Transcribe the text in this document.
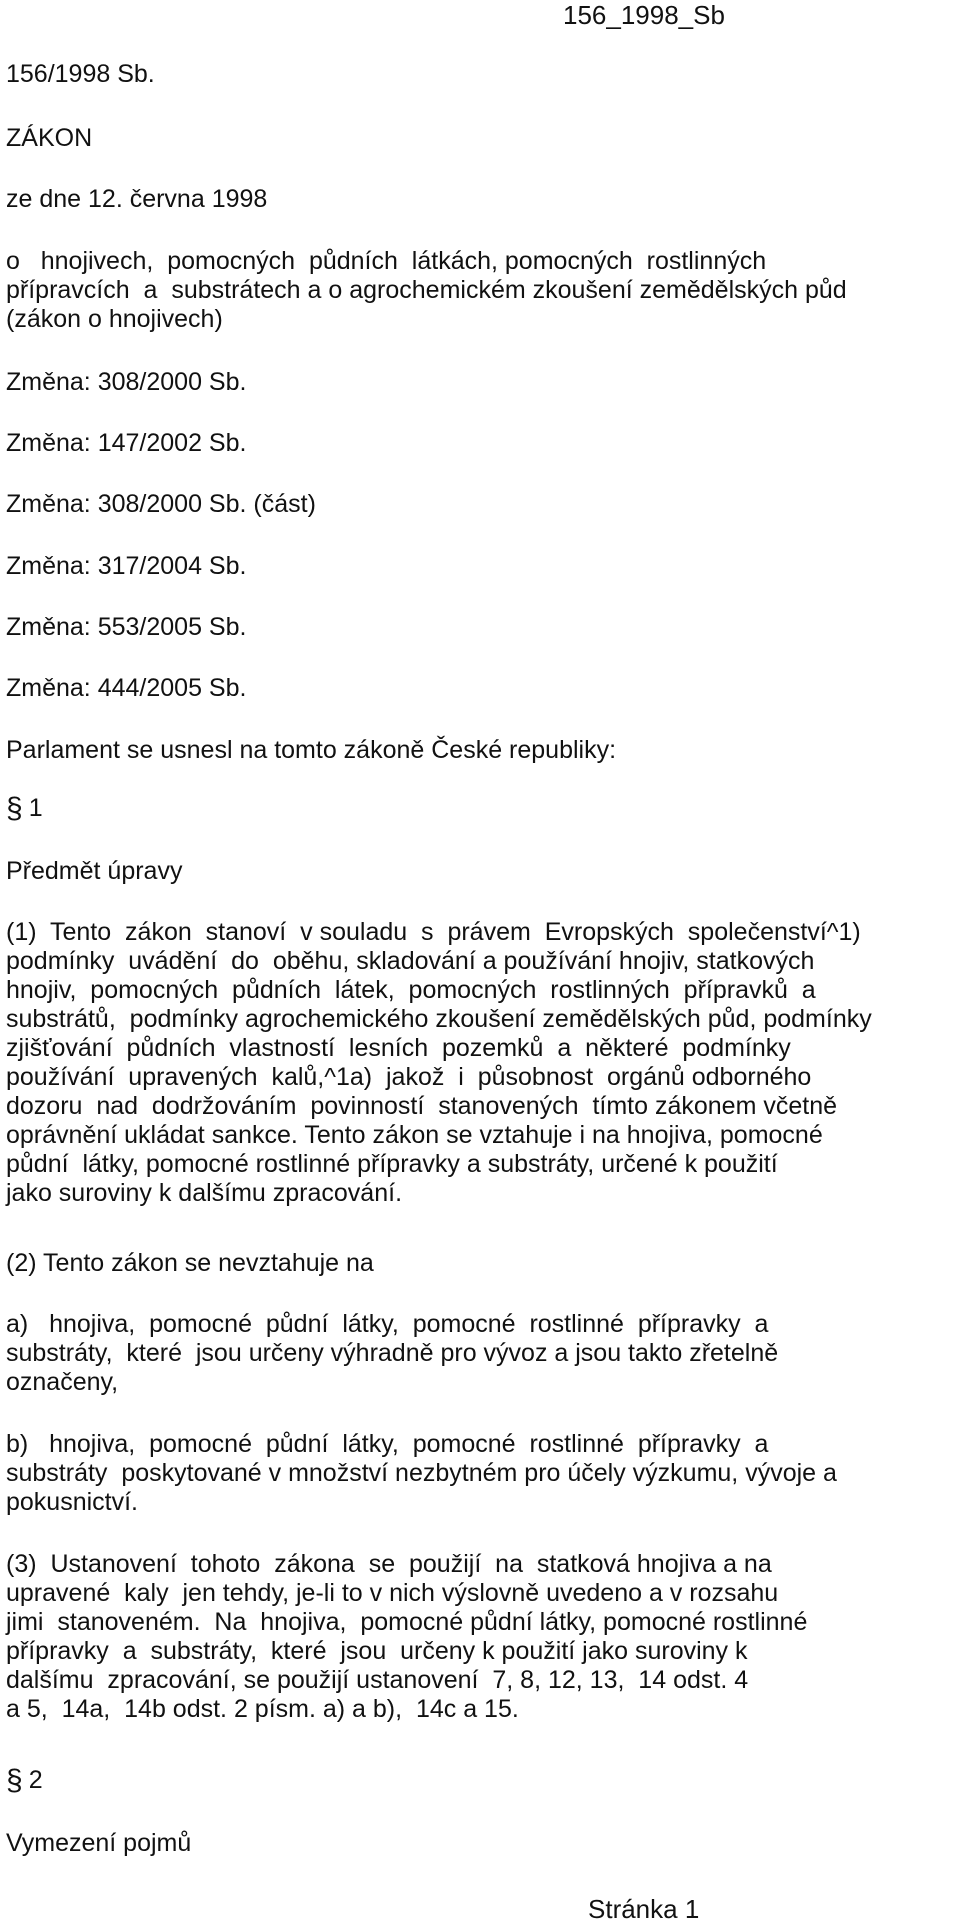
156_1998_Sb

156/1998 Sb.

ZÁKON

ze dne 12. června 1998

o   hnojivech,  pomocných  půdních  látkách, pomocných  rostlinných
přípravcích  a  substrátech a o agrochemickém zkoušení zemědělských půd
(zákon o hnojivech)

Změna: 308/2000 Sb.

Změna: 147/2002 Sb.

Změna: 308/2000 Sb. (část)

Změna: 317/2004 Sb.

Změna: 553/2005 Sb.

Změna: 444/2005 Sb.

Parlament se usnesl na tomto zákoně České republiky:

§ 1

Předmět úpravy

(1)  Tento  zákon  stanoví  v souladu  s  právem  Evropských  společenství^1)
podmínky  uvádění  do  oběhu, skladování a používání hnojiv, statkových
hnojiv,  pomocných  půdních  látek,  pomocných  rostlinných  přípravků  a
substrátů,  podmínky agrochemického zkoušení zemědělských půd, podmínky
zjišťování  půdních  vlastností  lesních  pozemků  a  některé  podmínky
používání  upravených  kalů,^1a)  jakož  i  působnost  orgánů odborného
dozoru  nad  dodržováním  povinností  stanovených  tímto zákonem včetně
oprávnění ukládat sankce. Tento zákon se vztahuje i na hnojiva, pomocné
půdní  látky, pomocné rostlinné přípravky a substráty, určené k použití
jako suroviny k dalšímu zpracování.

(2) Tento zákon se nevztahuje na

a)   hnojiva,  pomocné  půdní  látky,  pomocné  rostlinné  přípravky  a
substráty,  které  jsou určeny výhradně pro vývoz a jsou takto zřetelně
označeny,
b)   hnojiva,  pomocné  půdní  látky,  pomocné  rostlinné  přípravky  a
substráty  poskytované v množství nezbytném pro účely výzkumu, vývoje a
pokusnictví.
(3)  Ustanovení  tohoto  zákona  se  použijí  na  statková hnojiva a na
upravené  kaly  jen tehdy, je-li to v nich výslovně uvedeno a v rozsahu
jimi  stanoveném.  Na  hnojiva,  pomocné půdní látky, pomocné rostlinné
přípravky  a  substráty,  které  jsou  určeny k použití jako suroviny k
dalšímu  zpracování, se použijí ustanovení  7, 8, 12, 13,  14 odst. 4
a 5,  14a,  14b odst. 2 písm. a) a b),  14c a 15.

§ 2

Vymezení pojmů

Stránka 1
